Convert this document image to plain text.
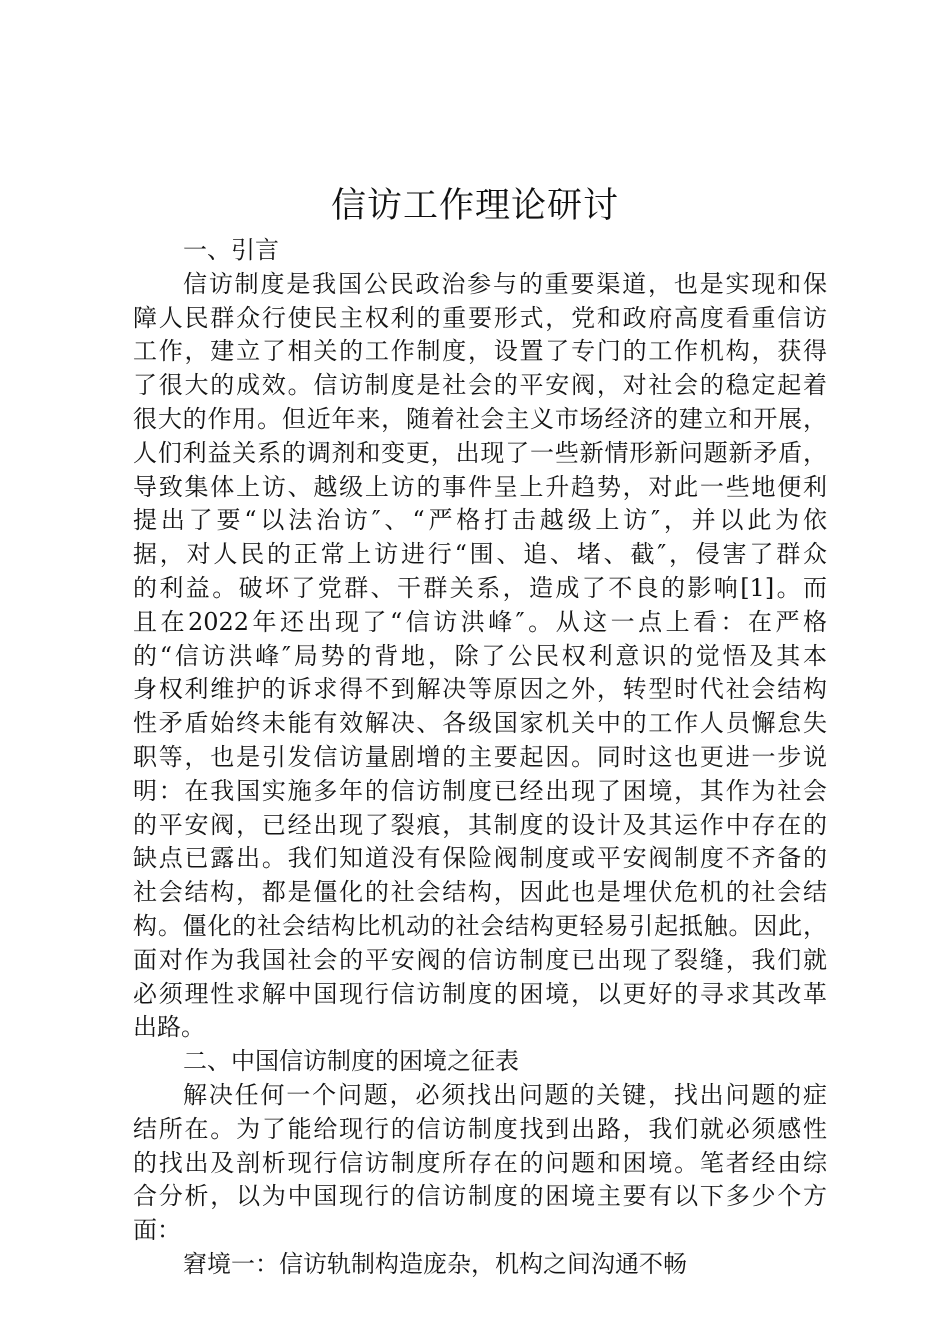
信访工作理论研讨
一、引言
信访制度是我国公民政治参与的重要渠道，也是实现和保
障人民群众行使民主权利的重要形式，党和政府高度看重信访
工作，建立了相关的工作制度，设置了专门的工作机构，获得
了很大的成效。信访制度是社会的平安阀，对社会的稳定起着
很大的作用。但近年来，随着社会主义市场经济的建立和开展，
人们利益关系的调剂和变更，出现了一些新情形新问题新矛盾，
导致集体上访、越级上访的事件呈上升趋势，对此一些地便利
提出了要“以法治访″、“严格打击越级上访″，并以此为依
据，对人民的正常上访进行“围、追、堵、截″，侵害了群众
的利益。破坏了党群、干群关系，造成了不良的影响[1]。而
且在2022年还出现了“信访洪峰″。从这一点上看：在严格
的“信访洪峰″局势的背地，除了公民权利意识的觉悟及其本
身权利维护的诉求得不到解决等原因之外，转型时代社会结构
性矛盾始终未能有效解决、各级国家机关中的工作人员懈怠失
职等，也是引发信访量剧增的主要起因。同时这也更进一步说
明：在我国实施多年的信访制度已经出现了困境，其作为社会
的平安阀，已经出现了裂痕，其制度的设计及其运作中存在的
缺点已露出。我们知道没有保险阀制度或平安阀制度不齐备的
社会结构，都是僵化的社会结构，因此也是埋伏危机的社会结
构。僵化的社会结构比机动的社会结构更轻易引起抵触。因此，
面对作为我国社会的平安阀的信访制度已出现了裂缝，我们就
必须理性求解中国现行信访制度的困境，以更好的寻求其改革
出路。
二、中国信访制度的困境之征表
解决任何一个问题，必须找出问题的关键，找出问题的症
结所在。为了能给现行的信访制度找到出路，我们就必须感性
的找出及剖析现行信访制度所存在的问题和困境。笔者经由综
合分析，以为中国现行的信访制度的困境主要有以下多少个方
面：
窘境一：信访轨制构造庞杂，机构之间沟通不畅
